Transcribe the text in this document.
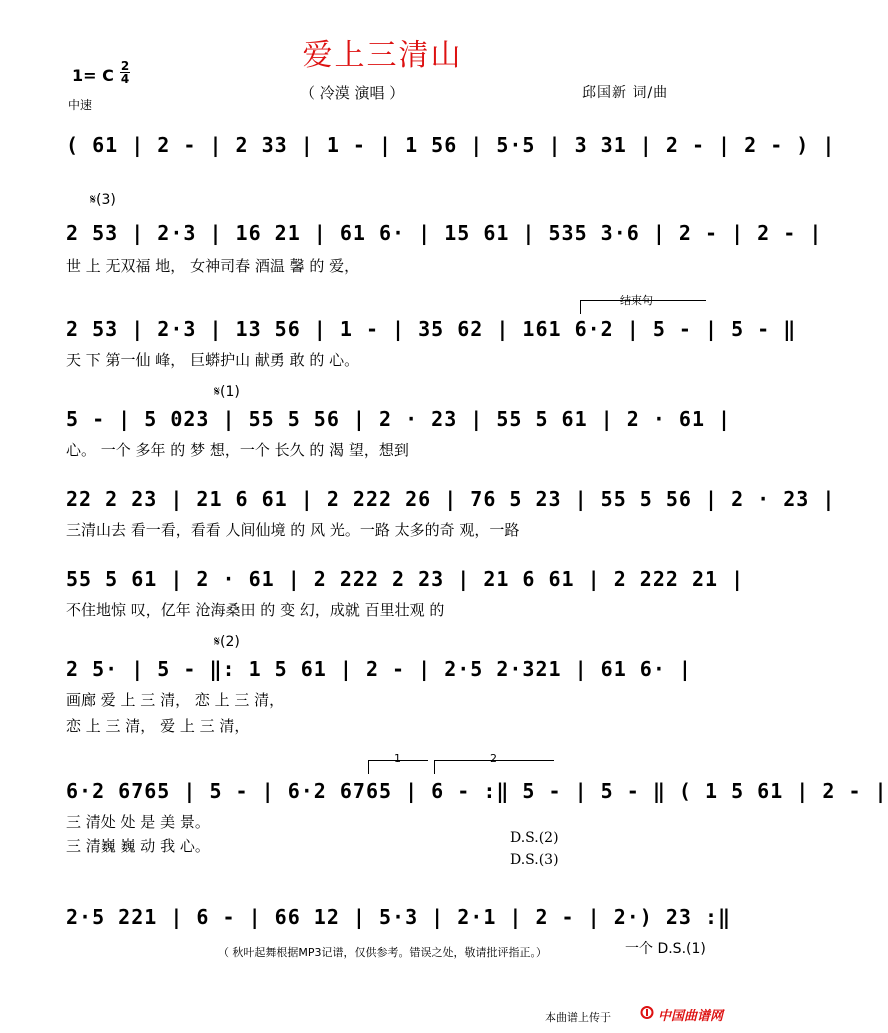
爱上三清山
1= C 2
4
中速
（ 冷漠 演唱 ）	邱国新 词/曲
( 61 | 2 - | 2 33 | 1 - | 1 56 | 5·5 | 3 31 | 2 - | 2 - ) |
𝄋(3)
2 53 | 2·3 | 16 21 | 61 6· | 15 61 | 535 3·6 | 2 - | 2 - |
世 上 无双福 地， 女神司春 酒温 馨 的 爱，
结束句
2 53 | 2·3 | 13 56 | 1 - | 35 62 | 161 6·2 | 5 - | 5 - ‖
天 下 第一仙 峰， 巨蟒护山 献勇 敢 的 心。
𝄋(1)
5 - | 5 023 | 55 5 56 | 2 · 23 | 55 5 61 | 2 · 61 |
心。 一个 多年 的 梦 想，一个 长久 的 渴 望，想到
22 2 23 | 21 6 61 | 2 222 26 | 76 5 23 | 55 5 56 | 2 · 23 |
三清山去 看一看，看看 人间仙境 的 风 光。一路 太多的奇 观，一路
55 5 61 | 2 · 61 | 2 222 2 23 | 21 6 61 | 2 222 21 |
不住地惊 叹，亿年 沧海桑田 的 变 幻，成就 百里壮观 的
𝄋(2)
2 5· | 5 - ‖: 1 5 61 | 2 - | 2·5 2·321 | 61 6· |
画廊 爱 上 三 清， 恋 上 三 清，
恋 上 三 清， 爱 上 三 清，
1	2
6·2 6765 | 5 - | 6·2 6765 | 6 - :‖ 5 - | 5 - ‖ ( 1 5 61 | 2 - |
三 清处 处 是 美 景。
三 清巍 巍 动 我 心。	D.S.(2)
D.S.(3)
2·5 221 | 6 - | 66 12 | 5·3 | 2·1 | 2 - | 2·) 23 :‖
一个 D.S.(1)
（ 秋叶起舞根据MP3记谱，仅供参考。错误之处，敬请批评指正。）
本曲谱上传于	中国曲谱网
